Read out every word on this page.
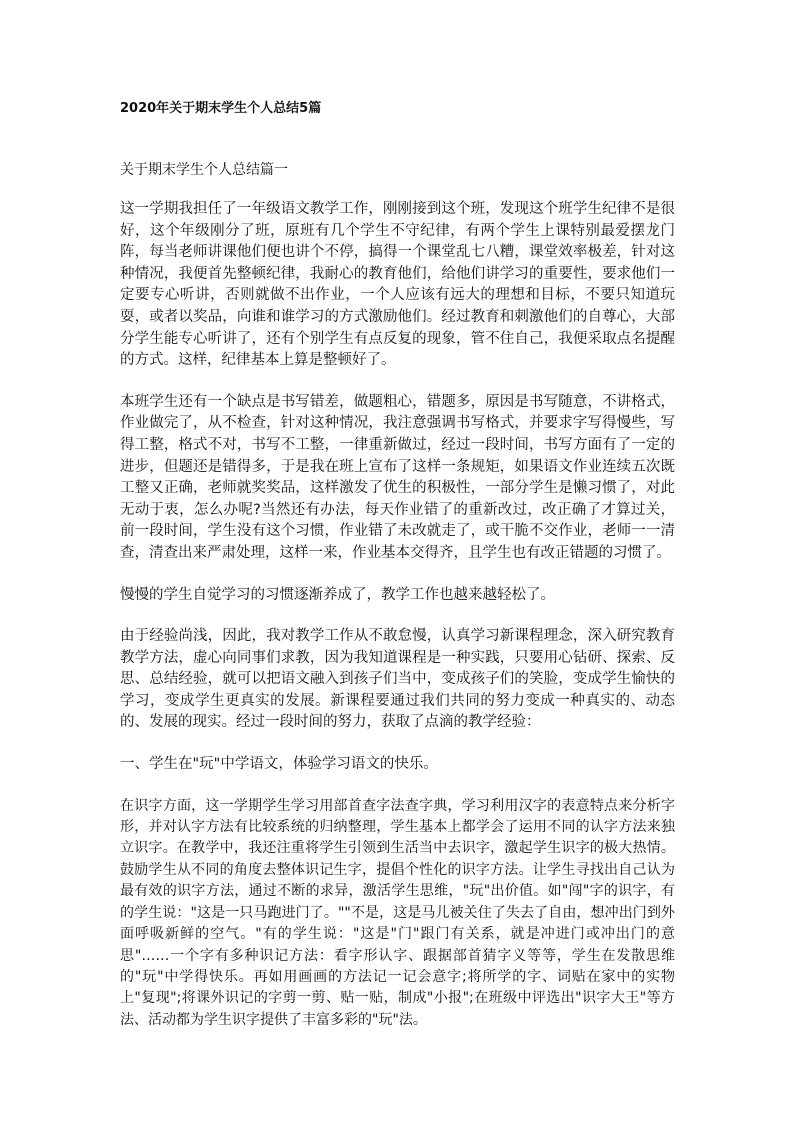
2020年关于期末学生个人总结5篇

关于期末学生个人总结篇一

这一学期我担任了一年级语文教学工作，刚刚接到这个班，发现这个班学生纪律不是很好，这个年级刚分了班，原班有几个学生不守纪律，有两个学生上课特别最爱摆龙门阵，每当老师讲课他们便也讲个不停，搞得一个课堂乱七八糟，课堂效率极差，针对这种情况，我便首先整顿纪律，我耐心的教育他们，给他们讲学习的重要性，要求他们一定要专心听讲，否则就做不出作业，一个人应该有远大的理想和目标，不要只知道玩耍，或者以奖品，向谁和谁学习的方式激励他们。经过教育和刺激他们的自尊心，大部分学生能专心听讲了，还有个别学生有点反复的现象，管不住自己，我便采取点名提醒的方式。这样，纪律基本上算是整顿好了。

本班学生还有一个缺点是书写错差，做题粗心，错题多，原因是书写随意，不讲格式，作业做完了，从不检查，针对这种情况，我注意强调书写格式，并要求字写得慢些，写得工整，格式不对，书写不工整，一律重新做过，经过一段时间，书写方面有了一定的进步，但题还是错得多，于是我在班上宣布了这样一条规矩，如果语文作业连续五次既工整又正确，老师就奖奖品，这样激发了优生的积极性，一部分学生是懒习惯了，对此无动于衷，怎么办呢?当然还有办法，每天作业错了的重新改过，改正确了才算过关，前一段时间，学生没有这个习惯，作业错了未改就走了，或干脆不交作业，老师一一清查，清查出来严肃处理，这样一来，作业基本交得齐，且学生也有改正错题的习惯了。

慢慢的学生自觉学习的习惯逐渐养成了，教学工作也越来越轻松了。

由于经验尚浅，因此，我对教学工作从不敢怠慢，认真学习新课程理念，深入研究教育教学方法，虚心向同事们求教，因为我知道课程是一种实践，只要用心钻研、探索、反思、总结经验，就可以把语文融入到孩子们当中，变成孩子们的笑脸，变成学生愉快的学习，变成学生更真实的发展。新课程要通过我们共同的努力变成一种真实的、动态的、发展的现实。经过一段时间的努力，获取了点滴的教学经验：

一、学生在"玩"中学语文，体验学习语文的快乐。

在识字方面，这一学期学生学习用部首查字法查字典，学习利用汉字的表意特点来分析字形，并对认字方法有比较系统的归纳整理，学生基本上都学会了运用不同的认字方法来独立识字。在教学中，我还注重将学生引领到生活当中去识字，激起学生识字的极大热情。鼓励学生从不同的角度去整体识记生字，提倡个性化的识字方法。让学生寻找出自己认为最有效的识字方法，通过不断的求异，激活学生思维，"玩"出价值。如"闯"字的识字，有的学生说："这是一只马跑进门了。""不是，这是马儿被关住了失去了自由，想冲出门到外面呼吸新鲜的空气。"有的学生说："这是"门"跟门有关系，就是冲进门或冲出门的意思"……一个字有多种识记方法：看字形认字、跟据部首猜字义等等，学生在发散思维的"玩"中学得快乐。再如用画画的方法记一记会意字;将所学的字、词贴在家中的实物上"复现";将课外识记的字剪一剪、贴一贴，制成"小报";在班级中评选出"识字大王"等方法、活动都为学生识字提供了丰富多彩的"玩"法。
